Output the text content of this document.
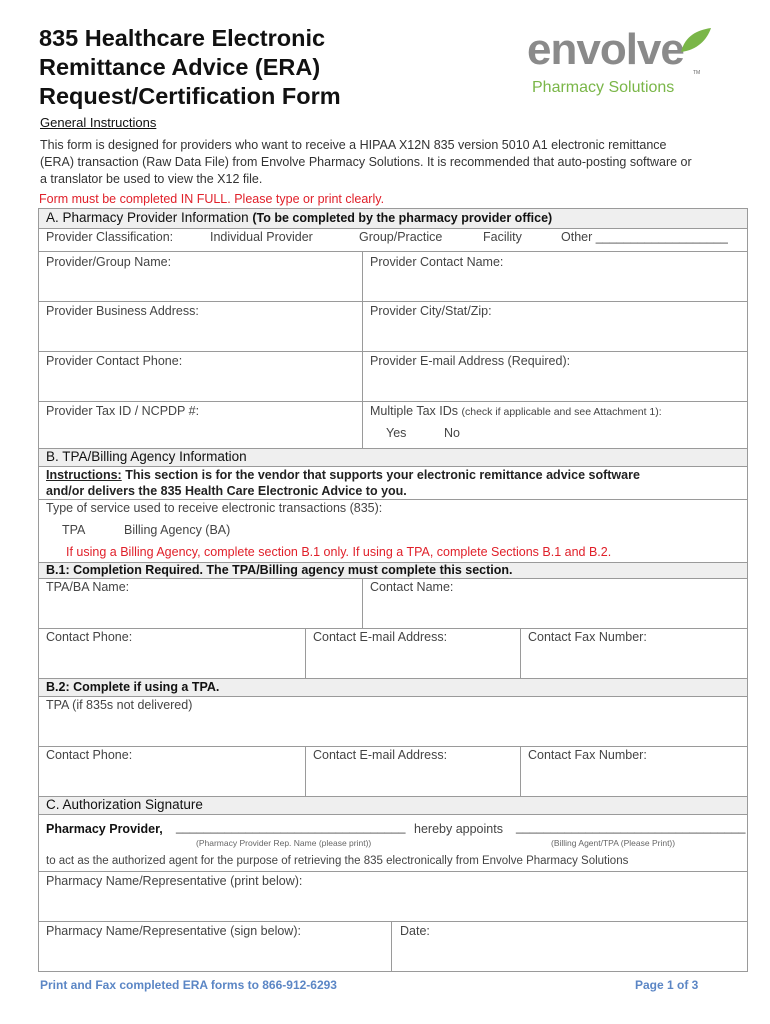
835 Healthcare Electronic
Remittance Advice (ERA)
Request/Certification Form
envolve TM
Pharmacy Solutions
General Instructions
This form is designed for providers who want to receive a HIPAA X12N 835 version 5010 A1 electronic remittance (ERA) transaction (Raw Data File) from Envolve Pharmacy Solutions. It is recommended that auto-posting software or a translator be used to view the X12 file.
Form must be completed IN FULL. Please type or print clearly.
A. Pharmacy Provider Information (To be completed by the pharmacy provider office)
Provider Classification:	Individual Provider	Group/Practice	Facility	Other ___________________
Provider/Group Name:	Provider Contact Name:
Provider Business Address:	Provider City/Stat/Zip:
Provider Contact Phone:	Provider E-mail Address (Required):
Provider Tax ID / NCPDP #:	Multiple Tax IDs (check if applicable and see Attachment 1):
Yes	No
B. TPA/Billing Agency Information
Instructions: This section is for the vendor that supports your electronic remittance advice software
and/or delivers the 835 Health Care Electronic Advice to you.
Type of service used to receive electronic transactions (835):
TPA	Billing Agency (BA)
If using a Billing Agency, complete section B.1 only. If using a TPA, complete Sections B.1 and B.2.
B.1: Completion Required. The TPA/Billing agency must complete this section.
TPA/BA Name:	Contact Name:
Contact Phone:	Contact E-mail Address:	Contact Fax Number:
B.2: Complete if using a TPA.
TPA (if 835s not delivered)
Contact Phone:	Contact E-mail Address:	Contact Fax Number:
C. Authorization Signature
Pharmacy Provider, _________________________________ hereby appoints _________________________________
(Pharmacy Provider Rep. Name (please print))	(Billing Agent/TPA (Please Print))
to act as the authorized agent for the purpose of retrieving the 835 electronically from Envolve Pharmacy Solutions
Pharmacy Name/Representative (print below):
Pharmacy Name/Representative (sign below):	Date:
Print and Fax completed ERA forms to 866-912-6293	Page 1 of 3
